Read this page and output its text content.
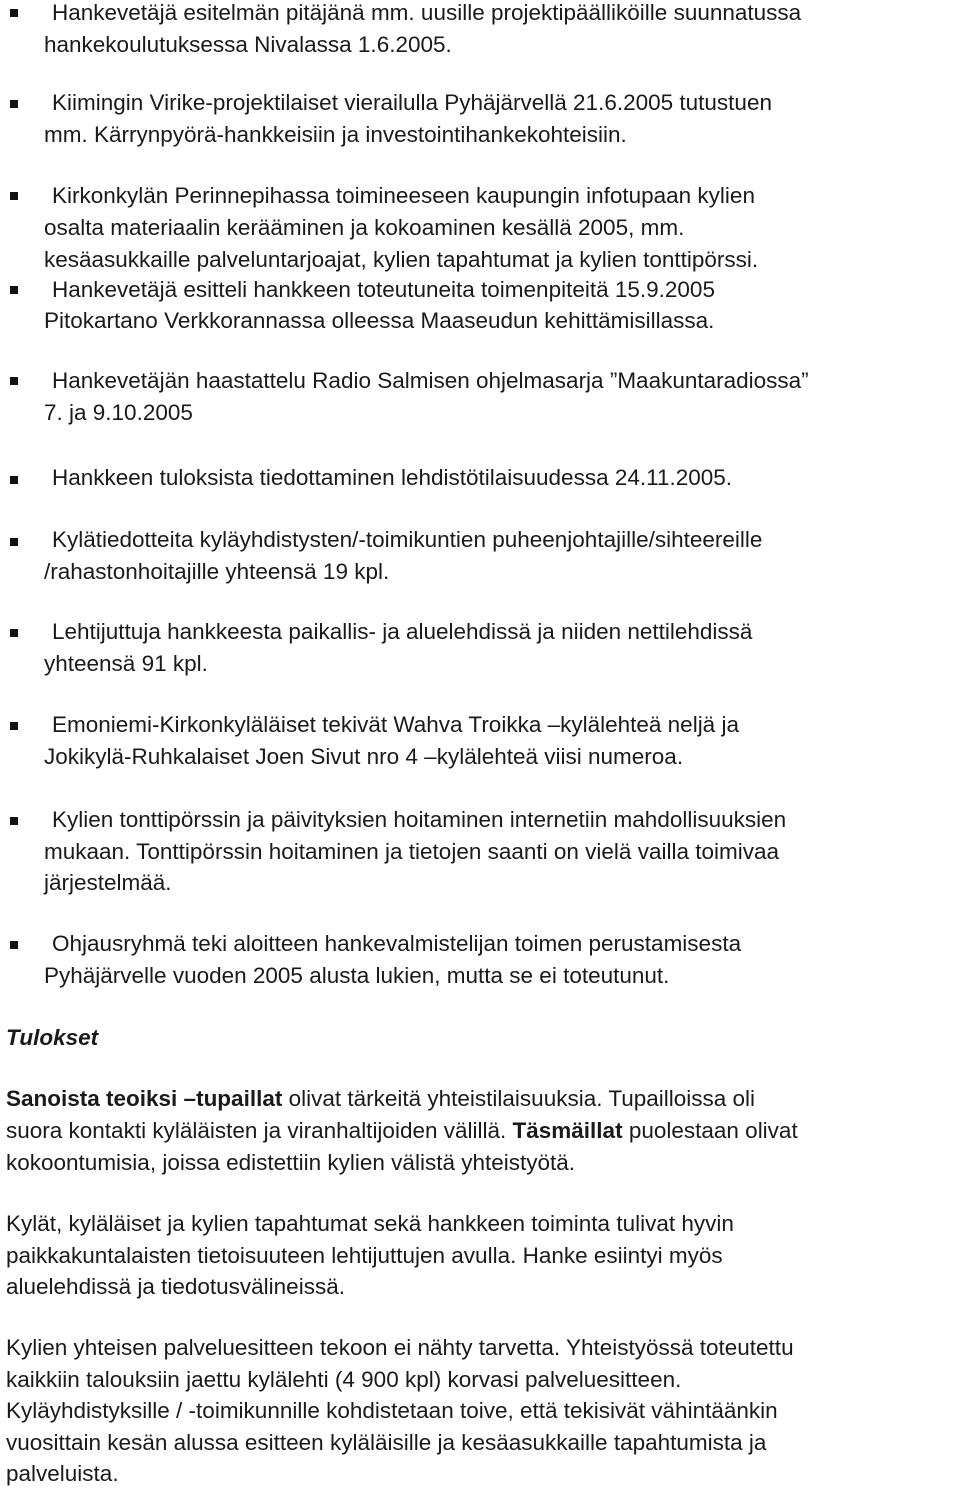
Hankevetäjä esitelmän pitäjänä mm. uusille projektipäälliköille suunnatussa
hankekoulutuksessa Nivalassa 1.6.2005.
Kiimingin Virike-projektilaiset vierailulla Pyhäjärvellä 21.6.2005 tutustuen
mm. Kärrynpyörä-hankkeisiin ja investointihankekohteisiin.
Kirkonkylän Perinnepihassa toimineeseen kaupungin infotupaan kylien
osalta materiaalin kerääminen ja kokoaminen kesällä 2005, mm.
kesäasukkaille palveluntarjoajat, kylien tapahtumat ja kylien tonttipörssi.
Hankevetäjä esitteli hankkeen toteutuneita toimenpiteitä 15.9.2005
Pitokartano Verkkorannassa olleessa Maaseudun kehittämisillassa.
Hankevetäjän haastattelu Radio Salmisen ohjelmasarja ”Maakuntaradiossa”
7. ja 9.10.2005
Hankkeen tuloksista tiedottaminen lehdistötilaisuudessa 24.11.2005.
Kylätiedotteita kyläyhdistysten/-toimikuntien puheenjohtajille/sihteereille
/rahastonhoitajille yhteensä 19 kpl.
Lehtijuttuja hankkeesta paikallis- ja aluelehdissä ja niiden nettilehdissä
yhteensä 91 kpl.
Emoniemi-Kirkonkyläläiset tekivät Wahva Troikka –kylälehteä neljä ja
Jokikylä-Ruhkalaiset Joen Sivut nro 4 –kylälehteä viisi numeroa.
Kylien tonttipörssin ja päivityksien hoitaminen internetiin mahdollisuuksien
mukaan. Tonttipörssin hoitaminen ja tietojen saanti on vielä vailla toimivaa
järjestelmää.
Ohjausryhmä teki aloitteen hankevalmistelijan toimen perustamisesta
Pyhäjärvelle vuoden 2005 alusta lukien, mutta se ei toteutunut.
Tulokset
Sanoista teoiksi –tupaillat olivat tärkeitä yhteistilaisuuksia. Tupailloissa oli
suora kontakti kyläläisten ja viranhaltijoiden välillä. Täsmäillat puolestaan olivat
kokoontumisia, joissa edistettiin kylien välistä yhteistyötä.
Kylät, kyläläiset ja kylien tapahtumat sekä hankkeen toiminta tulivat hyvin
paikkakuntalaisten tietoisuuteen lehtijuttujen avulla. Hanke esiintyi myös
aluelehdissä ja tiedotusvälineissä.
Kylien yhteisen palveluesitteen tekoon ei nähty tarvetta. Yhteistyössä toteutettu
kaikkiin talouksiin jaettu kylälehti (4 900 kpl) korvasi palveluesitteen.
Kyläyhdistyksille / -toimikunnille kohdistetaan toive, että tekisivät vähintäänkin
vuosittain kesän alussa esitteen kyläläisille ja kesäasukkaille tapahtumista ja
palveluista.
